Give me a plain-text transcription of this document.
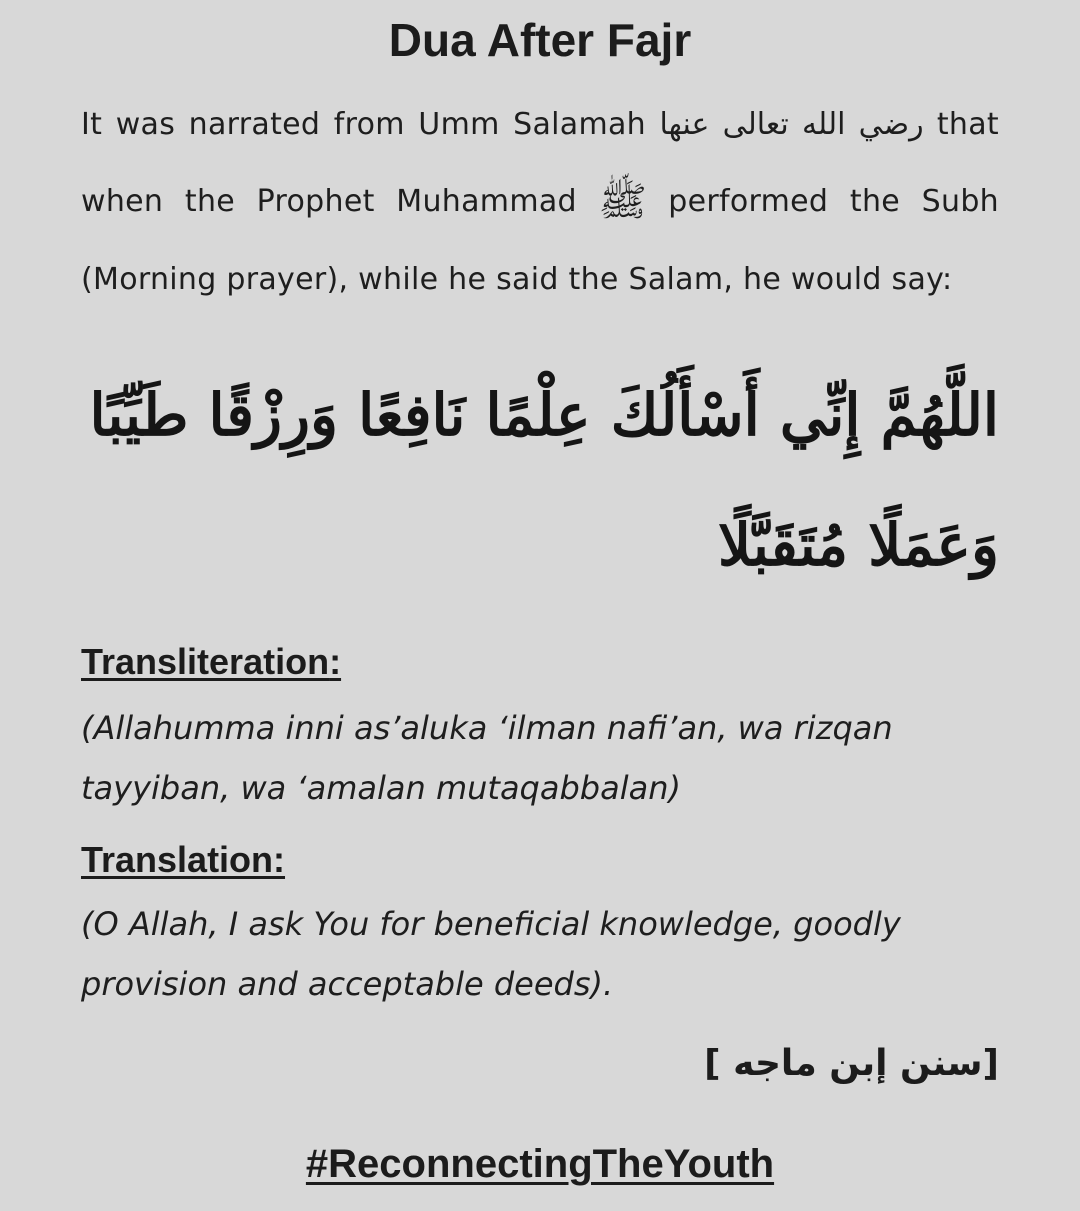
Dua After Fajr

It was narrated from Umm Salamah رضي الله تعالى عنها that when the Prophet Muhammad ﷺ performed the Subh (Morning prayer), while he said the Salam, he would say:

اللَّهُمَّ إِنِّي أَسْأَلُكَ عِلْمًا نَافِعًا وَرِزْقًا طَيِّبًا وَعَمَلًا مُتَقَبَّلًا

Transliteration:

(Allahumma inni as’aluka ‘ilman nafi’an, wa rizqan tayyiban, wa ‘amalan mutaqabbalan)

Translation:

(O Allah, I ask You for beneficial knowledge, goodly provision and acceptable deeds).

[سنن إبن ماجه ]

#ReconnectingTheYouth
